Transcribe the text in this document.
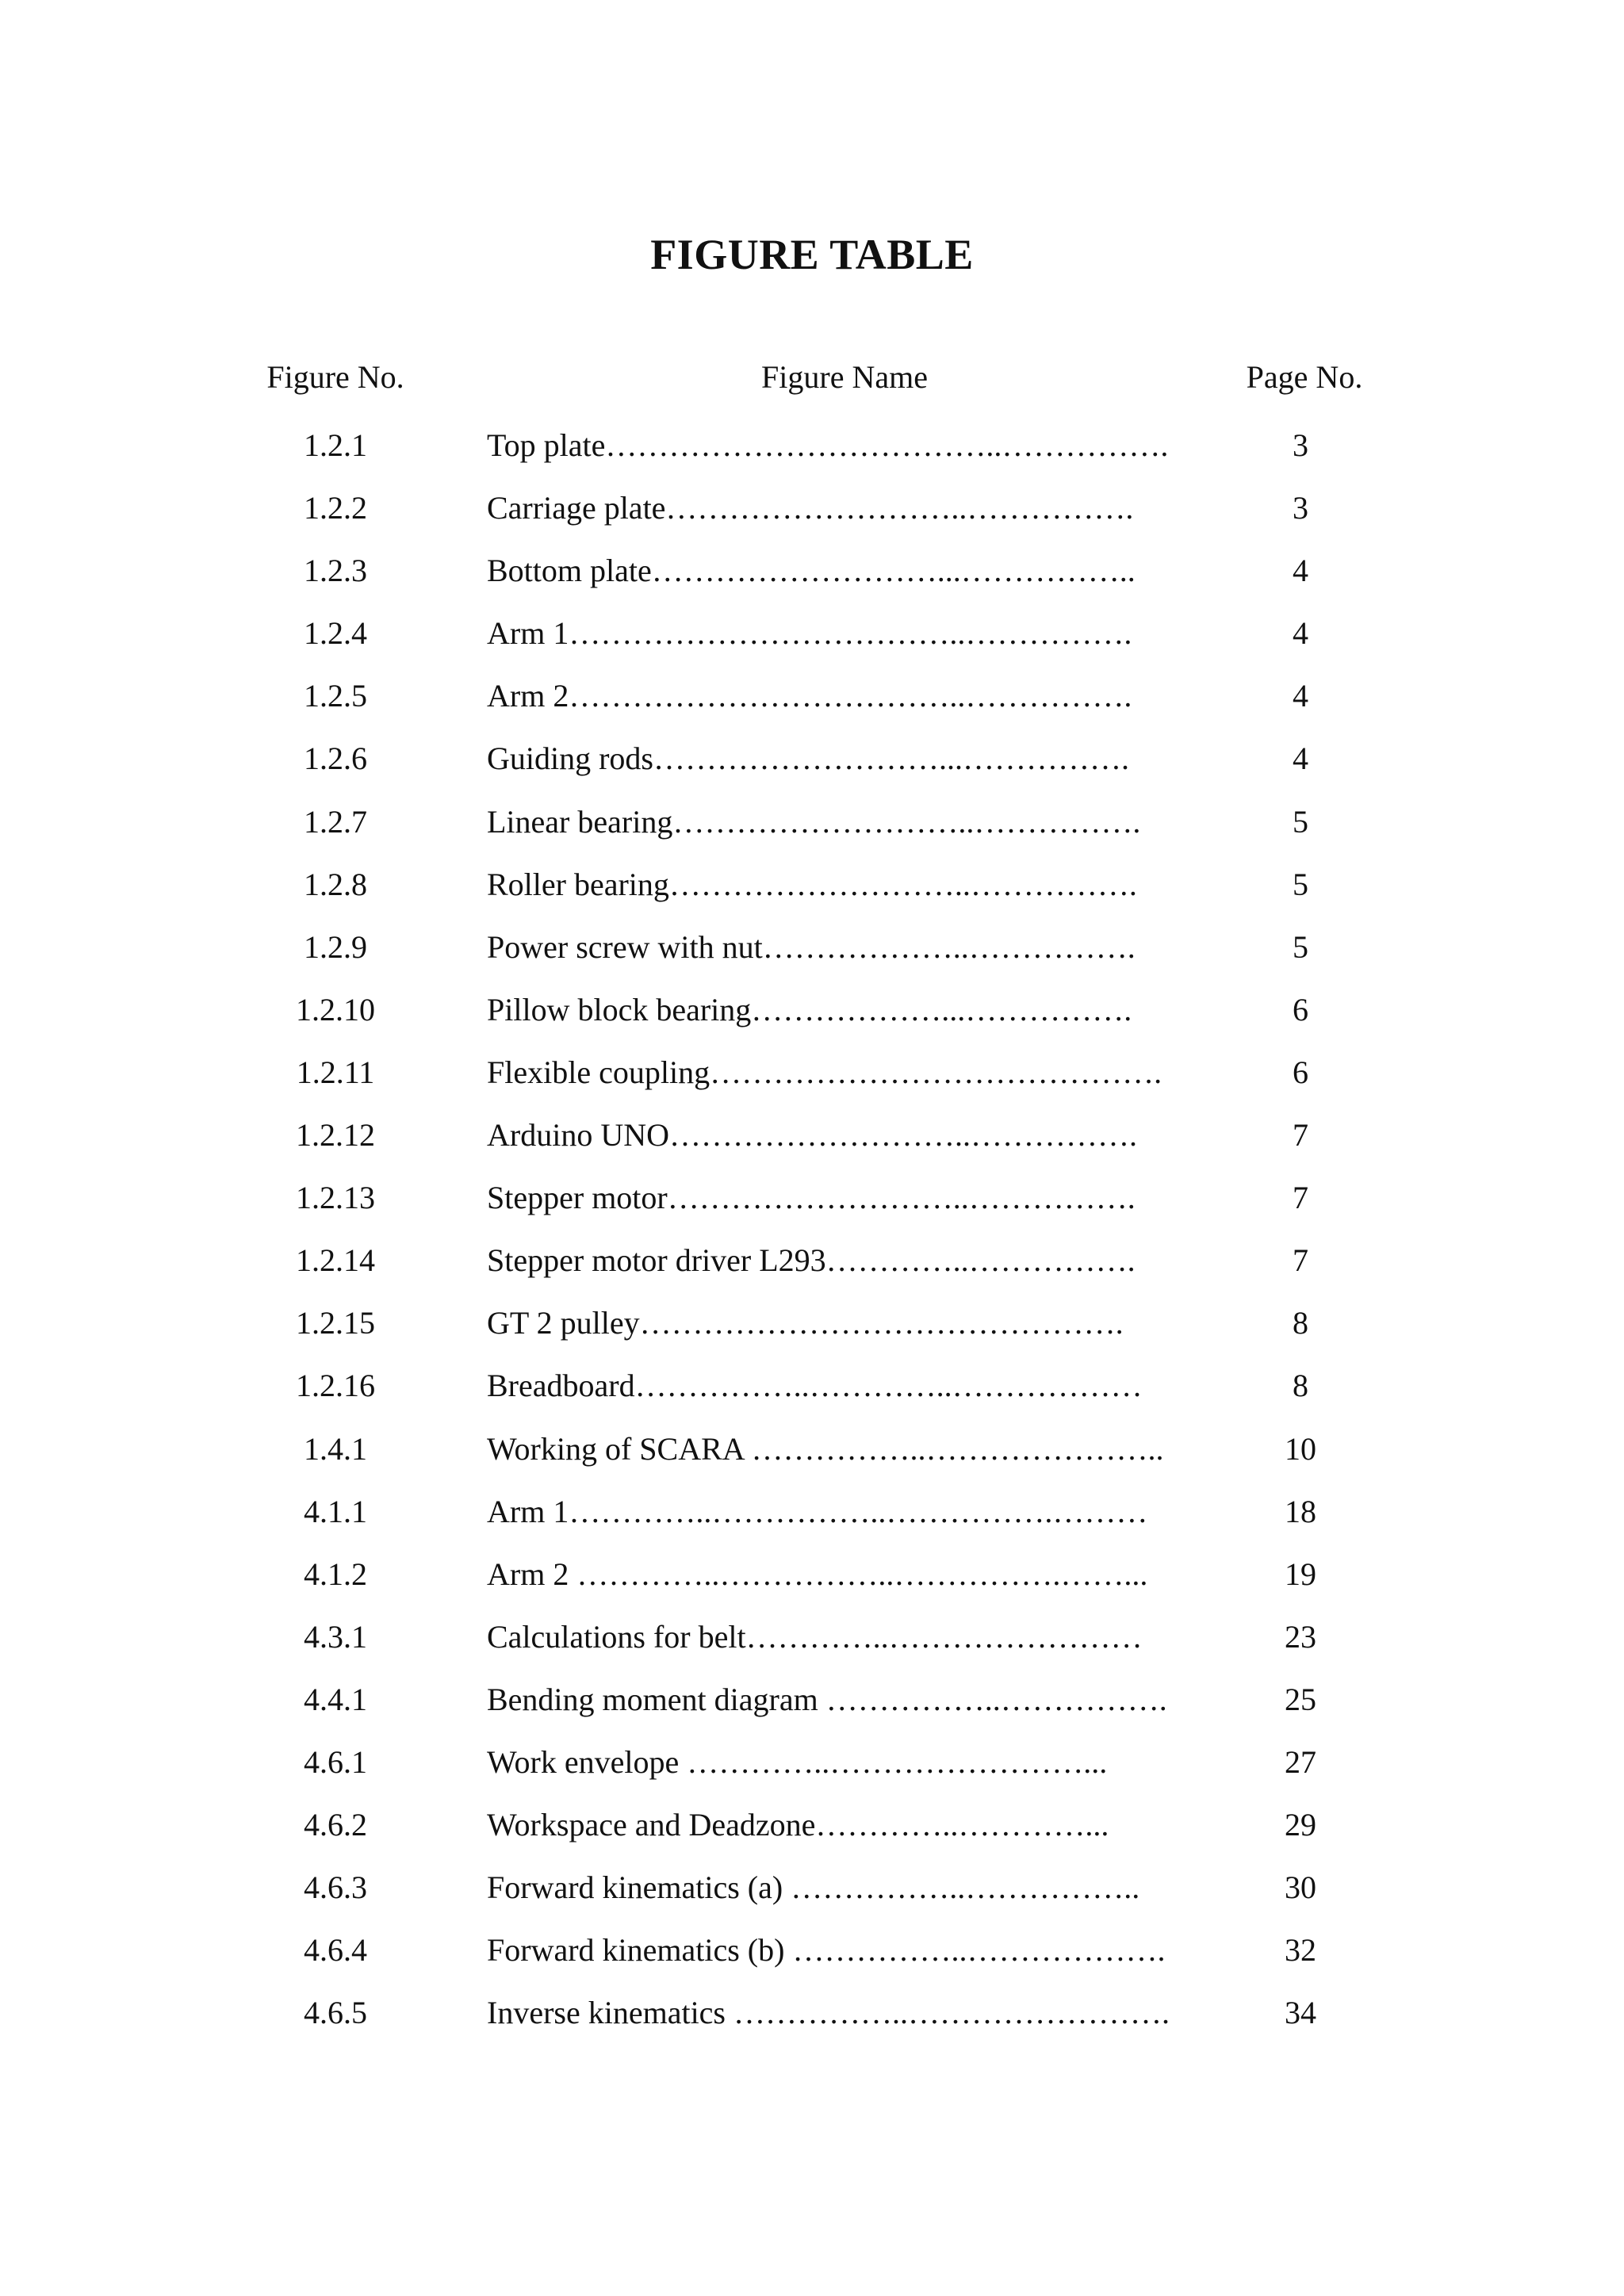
FIGURE TABLE
Figure No.	Figure Name	Page No.
1.2.1	Top plate………………………………..…………….	3
1.2.2	Carriage plate………………………..…………….	3
1.2.3	Bottom plate………………………...……………..	4
1.2.4	Arm 1………………………………..…………….	4
1.2.5	Arm 2………………………………..…………….	4
1.2.6	Guiding rods………………………...…………….	4
1.2.7	Linear bearing………………………..…………….	5
1.2.8	Roller bearing………………………..…………….	5
1.2.9	Power screw with nut………………..…………….	5
1.2.10	Pillow block bearing………………...…………….	6
1.2.11	Flexible coupling…………………………………….	6
1.2.12	Arduino UNO………………………..…………….	7
1.2.13	Stepper motor………………………..…………….	7
1.2.14	Stepper motor driver L293…………..…………….	7
1.2.15	GT 2 pulley……………………………………….	8
1.2.16	Breadboard……………..…………..………………	8
1.4.1	Working of SCARA ……………..…………………..	10
4.1.1	Arm 1…………..……………..…………….………	18
4.1.2	Arm 2 …………..……………..…………….……...	19
4.3.1	Calculations for belt…………..……………………	23
4.4.1	Bending moment diagram ……………..…………….	25
4.6.1	Work envelope …………..……………………...	27
4.6.2	Workspace and Deadzone…………..…………...	29
4.6.3	Forward kinematics (a) ……………..……………..	30
4.6.4	Forward kinematics (b) ……………..……………….	32
4.6.5	Inverse kinematics ……………..…………………….	34
